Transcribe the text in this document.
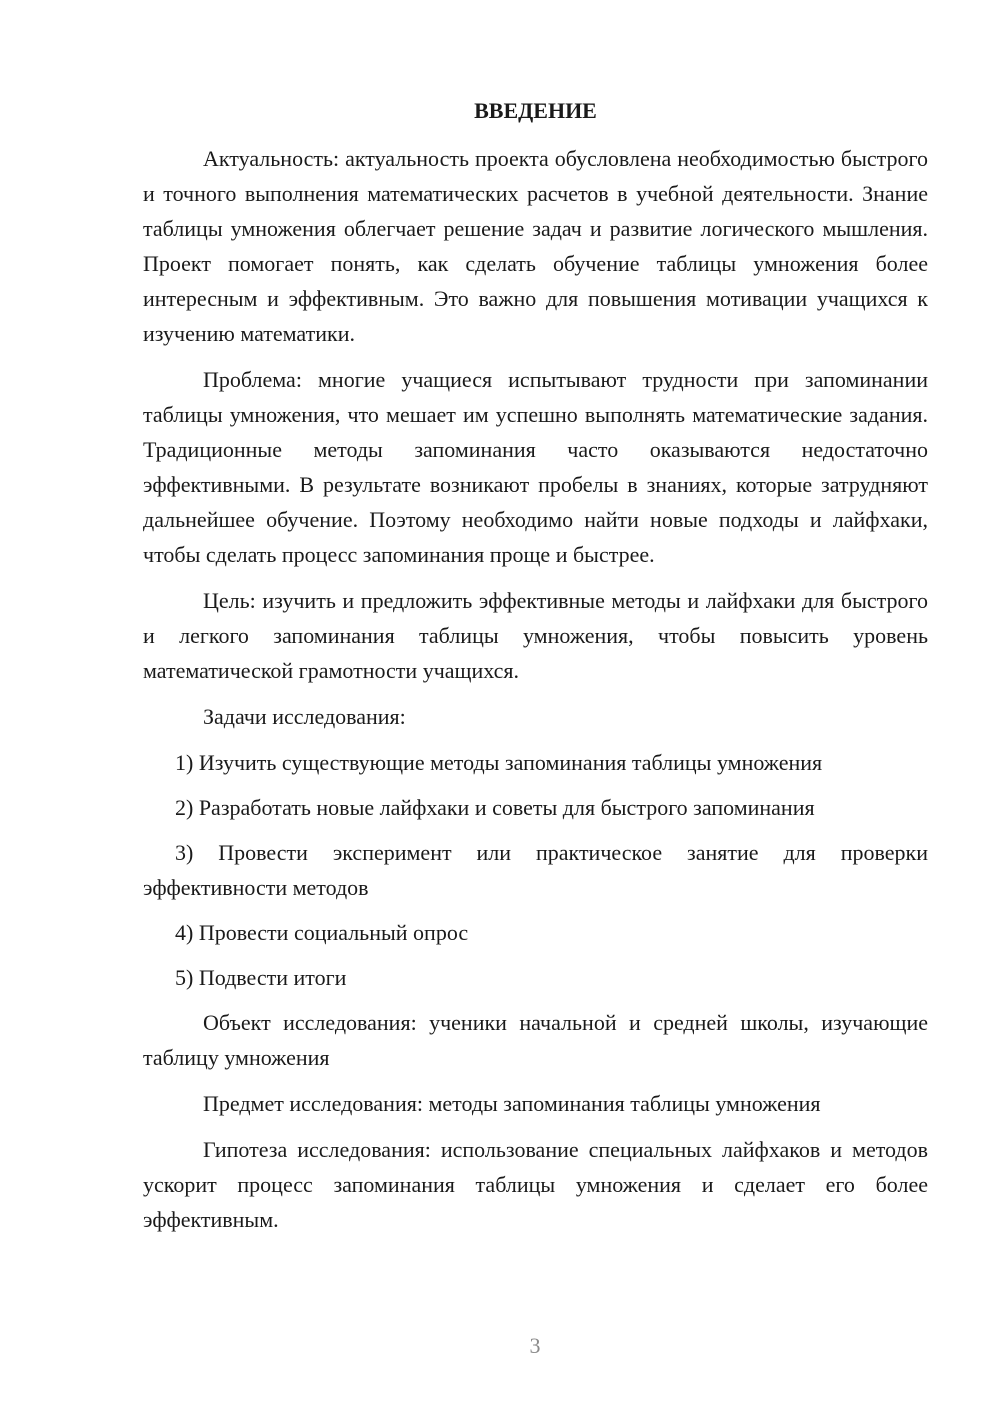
ВВЕДЕНИЕ

Актуальность: актуальность проекта обусловлена необходимостью быстрого и точного выполнения математических расчетов в учебной деятельности. Знание таблицы умножения облегчает решение задач и развитие логического мышления. Проект помогает понять, как сделать обучение таблицы умножения более интересным и эффективным. Это важно для повышения мотивации учащихся к изучению математики.

Проблема: многие учащиеся испытывают трудности при запоминании таблицы умножения, что мешает им успешно выполнять математические задания. Традиционные методы запоминания часто оказываются недостаточно эффективными. В результате возникают пробелы в знаниях, которые затрудняют дальнейшее обучение. Поэтому необходимо найти новые подходы и лайфхаки, чтобы сделать процесс запоминания проще и быстрее.

Цель: изучить и предложить эффективные методы и лайфхаки для быстрого и легкого запоминания таблицы умножения, чтобы повысить уровень математической грамотности учащихся.

Задачи исследования:

1) Изучить существующие методы запоминания таблицы умножения

2) Разработать новые лайфхаки и советы для быстрого запоминания

3) Провести эксперимент или практическое занятие для проверки эффективности методов

4) Провести социальный опрос

5) Подвести итоги

Объект исследования: ученики начальной и средней школы, изучающие таблицу умножения

Предмет исследования: методы запоминания таблицы умножения

Гипотеза исследования: использование специальных лайфхаков и методов ускорит процесс запоминания таблицы умножения и сделает его более эффективным.

3
